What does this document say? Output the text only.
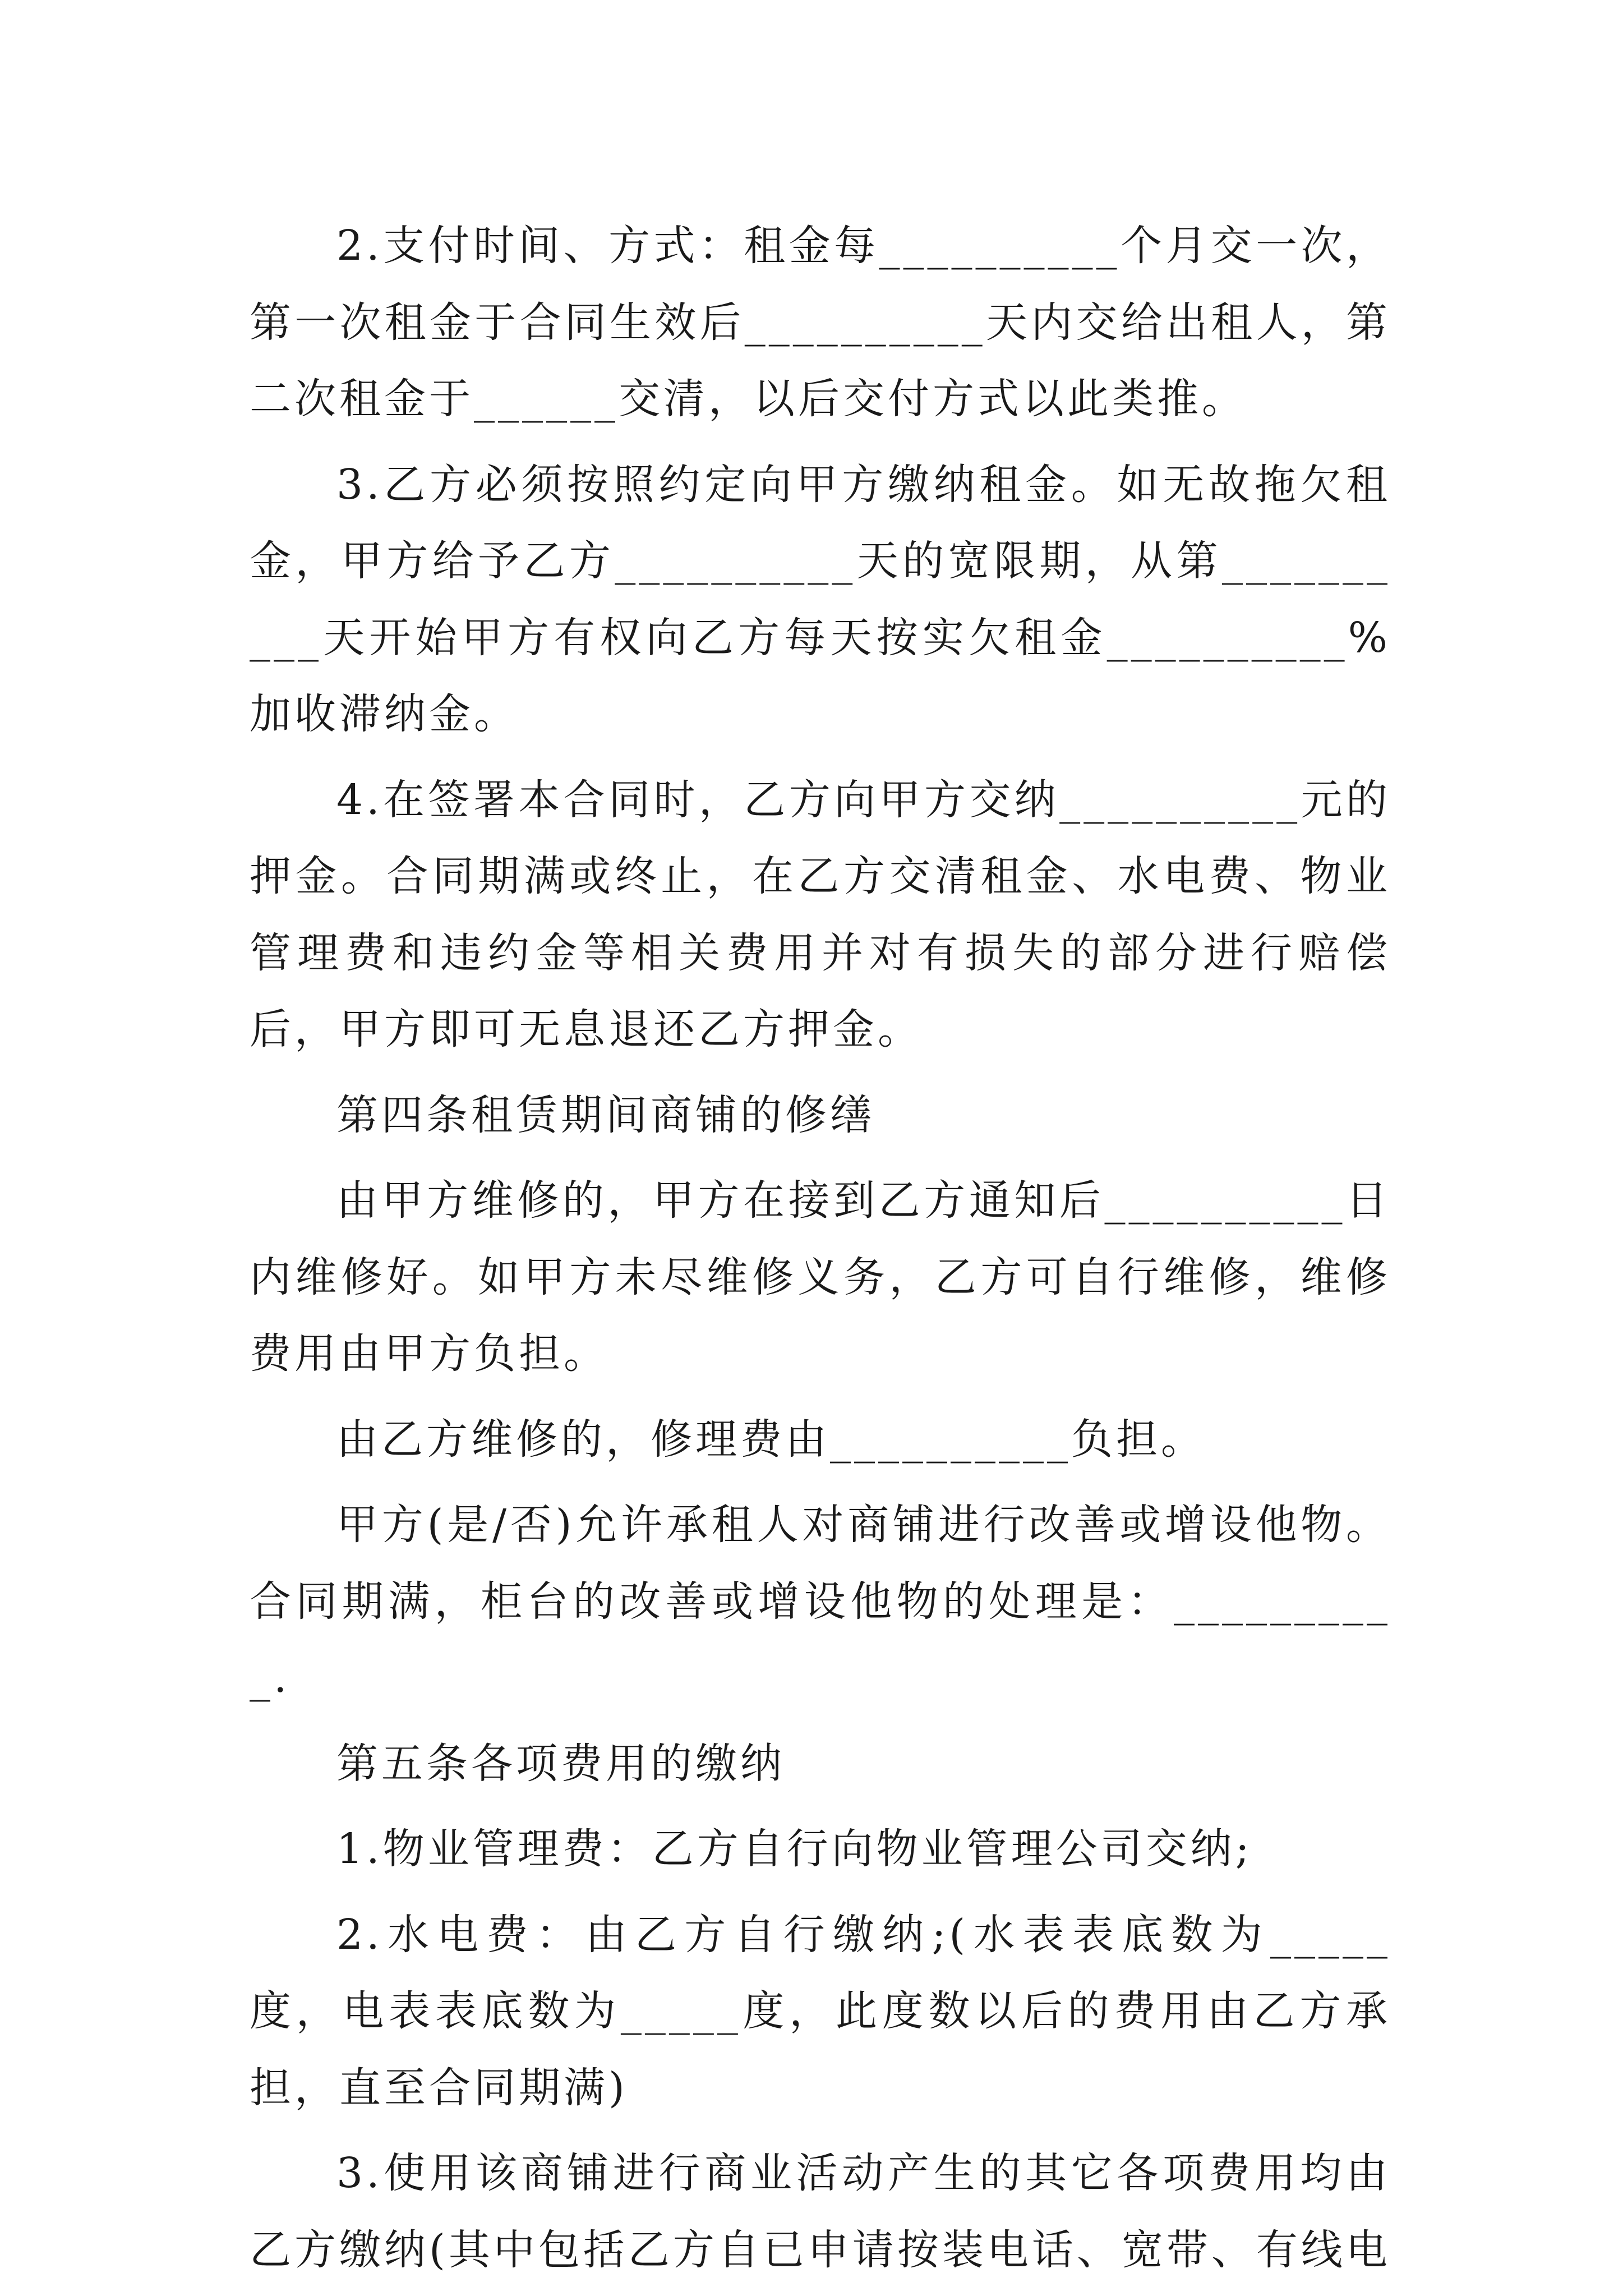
2.支付时间、方式：租金每__________个月交一次，第一次租金于合同生效后__________天内交给出租人，第二次租金于______交清，以后交付方式以此类推。

3.乙方必须按照约定向甲方缴纳租金。如无故拖欠租金，甲方给予乙方__________天的宽限期，从第__________天开始甲方有权向乙方每天按实欠租金__________%加收滞纳金。

4.在签署本合同时，乙方向甲方交纳__________元的押金。合同期满或终止，在乙方交清租金、水电费、物业管理费和违约金等相关费用并对有损失的部分进行赔偿后，甲方即可无息退还乙方押金。

第四条租赁期间商铺的修缮

由甲方维修的，甲方在接到乙方通知后__________日内维修好。如甲方未尽维修义务，乙方可自行维修，维修费用由甲方负担。

由乙方维修的，修理费由__________负担。

甲方(是/否)允许承租人对商铺进行改善或增设他物。合同期满，柜台的改善或增设他物的处理是：__________.

第五条各项费用的缴纳

1.物业管理费：乙方自行向物业管理公司交纳;

2.水电费：由乙方自行缴纳;(水表表底数为_____度，电表表底数为_____度，此度数以后的费用由乙方承担，直至合同期满)

3.使用该商铺进行商业活动产生的其它各项费用均由乙方缴纳(其中包括乙方自已申请按装电话、宽带、有线电
